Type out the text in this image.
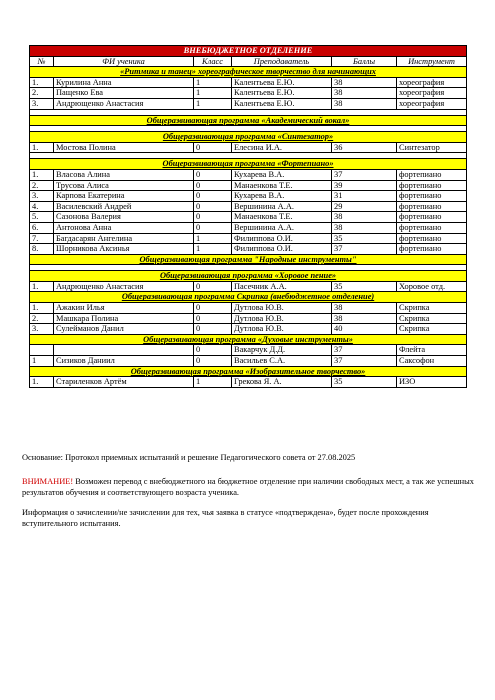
ВНЕБЮДЖЕТНОЕ ОТДЕЛЕНИЕ					
№	ФИ ученика	Класс	Преподаватель	Баллы	Инструмент
«Ритмика и танец» хореографическое творчество для начинающих					
1.	Курилина Анна	1	Калентьева Е.Ю.	38	хореография
2.	Пащенко Ева	1	Калентьева Е.Ю.	38	хореография
3.	Андрющенко Анастасия	1	Калентьева Е.Ю.	38	хореография

Общеразвивающая программа «Академический вокал»					

Общеразвивающая программа «Синтезатор»					
1.	Мостова Полина	0	Елесина И.А.	36	Синтезатор

Общеразвивающая программа «Фортепиано»					
1.	Власова Алина	0	Кухарева В.А.	37	фортепиано
2.	Трусова Алиса	0	Манаенкова Т.Е.	39	фортепиано
3.	Карпова Екатерина	0	Кухарева В.А.	31	фортепиано
4.	Василевский Андрей	0	Вершинина А.А.	29	фортепиано
5.	Сазонова Валерия	0	Манаенкова Т.Е.	38	фортепиано
6.	Антонова Анна	0	Вершинина А.А.	38	фортепиано
7.	Багдасарян Ангелина	1	Филиппова О.И.	35	фортепиано
8.	Шорникова Аксинья	1	Филиппова О.И.	37	фортепиано
Общеразвивающая программа "Народные инструменты"					

Общеразвивающая программа «Хоровое пение»					
1.	Андрющенко Анастасия	0	Пасечник А.А.	35	Хоровое отд.
Общеразвивающая программа Скрипка (внебюджетное отделение)					
1.	Ажакин Илья	0	Дутлова Ю.В.	38	Скрипка
2.	Машкара Полина	0	Дутлова Ю.В.	38	Скрипка
3.	Сулейманов Данил	0	Дутлова Ю.В.	40	Скрипка
Общеразвивающая программа «Духовые инструменты»					
		0	Вакарчук Д.Д.	37	Флейта
1	Сизиков Даниил	0	Васильев С.А.	37	Саксофон
Общеразвивающая программа «Изобразительное творчество»					
1.	Стариленков Артём	1	Грекова Я. А.	35	ИЗО
Основание: Протокол приемных испытаний и решение Педагогического совета от 27.08.2025
ВНИМАНИЕ! Возможен перевод с внебюджетного на бюджетное отделение при наличии свободных мест, а так же успешных результатов обучения и соответствующего возраста ученика.
Информация о зачислении/не зачислении для тех, чья заявка в статусе «подтверждена», будет после прохождения вступительного испытания.
